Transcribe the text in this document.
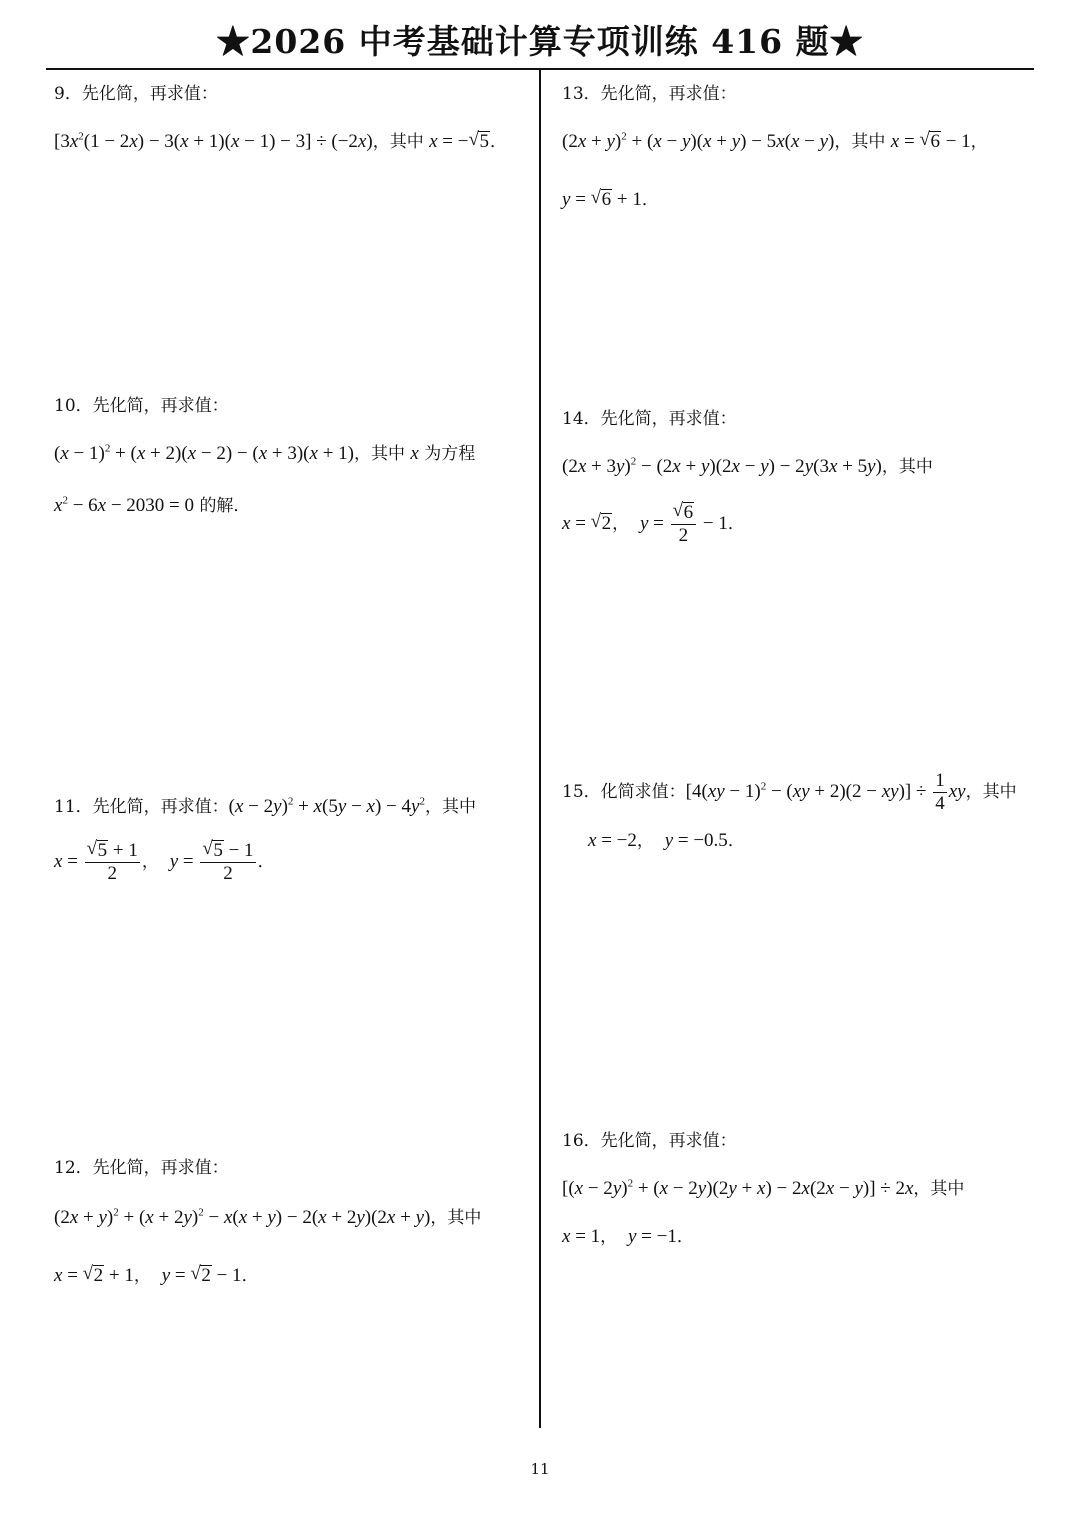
★2026 中考基础计算专项训练 416 题★
9．先化简，再求值：
$[3x^2(1 - 2x) - 3(x + 1)(x - 1) - 3] \div (-2x)$，其中 x = − √ 5．
10．先化简，再求值：
$(x - 1)^2 + (x + 2)(x - 2) - (x + 3)(x + 1)$，其中 x 为方程
$x^2 - 6x - 2030 = 0$ 的解．
11．先化简，再求值：$(x - 2y)^2 + x(5y - x) - 4y^2$，其中
$x = \frac{√ 5 + 1}{2}$ ， $y = \frac{√ 5 - 1}{2}$ ．
12．先化简，再求值：
$(2x + y)^2 + (x + 2y)^2 - x(x + y) - 2(x + 2y)(2x + y)$，其中
x = √ 2 + 1， y = √ 2 − 1．
13．先化简，再求值：
$(2x + y)^2 + (x - y)(x + y) - 5x(x - y)$，其中 x = √ 6 − 1，
y = √ 6 + 1．
14．先化简，再求值：
$(2x + 3y)^2 - (2x + y)(2x - y) - 2y(3x + 5y)$，其中
x = √ 2， $y = \frac{√ 6}{2} - 1$．
15．化简求值：$[4(xy - 1)^2 - (xy + 2)(2 - xy)] \div \frac{1}{4}$ xy，其中
x = −2， y = −0.5．
16．先化简，再求值：
$[(x - 2y)^2 + (x - 2y)(2y + x) - 2x(2x - y)] \div 2x$，其中
x = 1， y = −1．
11
